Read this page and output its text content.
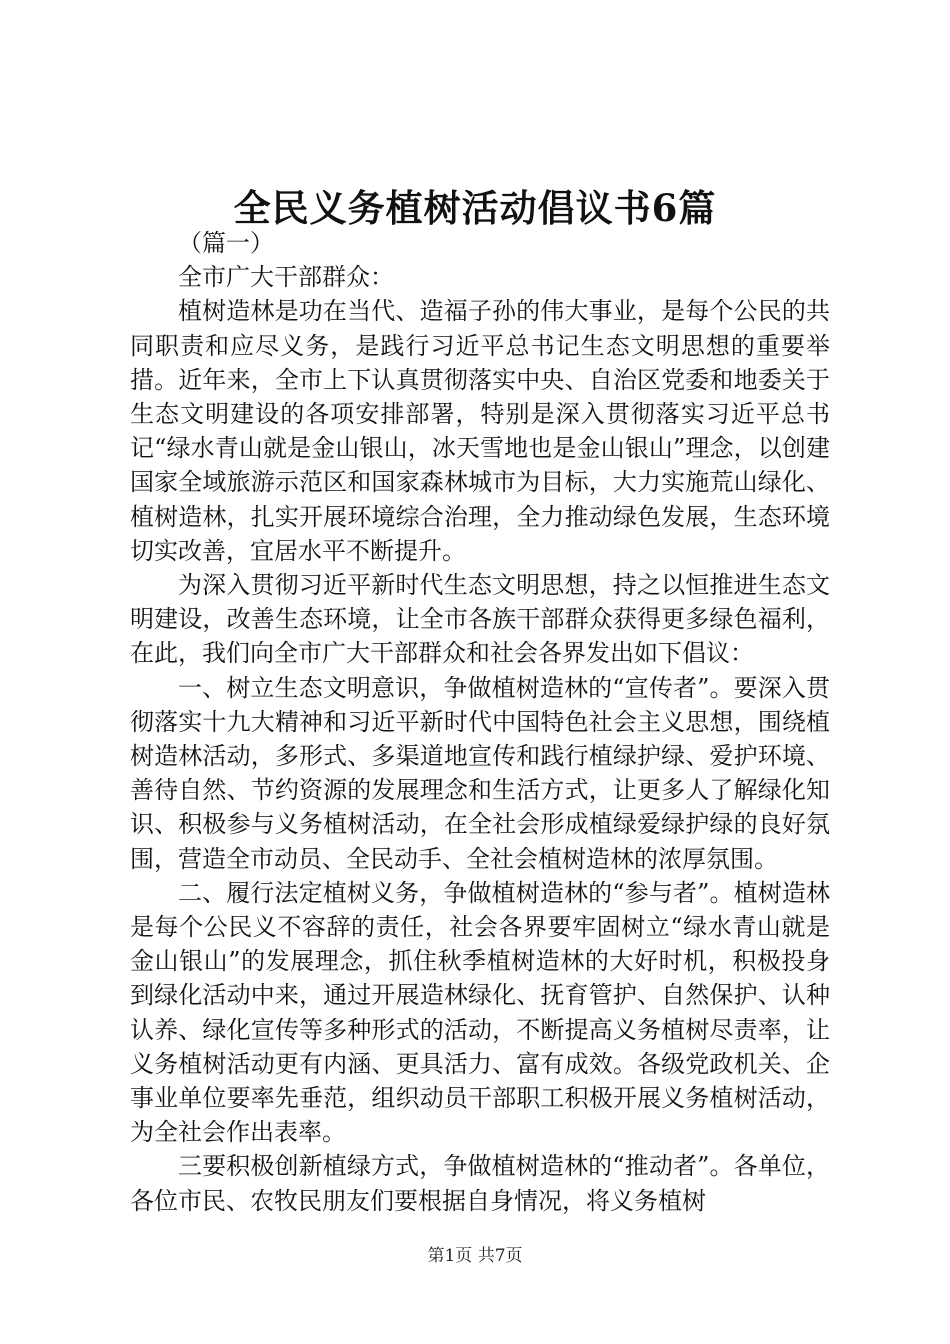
全民义务植树活动倡议书6篇

（篇一）

全市广大干部群众：

植树造林是功在当代、造福子孙的伟大事业，是每个公民的共同职责和应尽义务，是践行习近平总书记生态文明思想的重要举措。近年来，全市上下认真贯彻落实中央、自治区党委和地委关于生态文明建设的各项安排部署，特别是深入贯彻落实习近平总书记“绿水青山就是金山银山，冰天雪地也是金山银山”理念，以创建国家全域旅游示范区和国家森林城市为目标，大力实施荒山绿化、植树造林，扎实开展环境综合治理，全力推动绿色发展，生态环境切实改善，宜居水平不断提升。

为深入贯彻习近平新时代生态文明思想，持之以恒推进生态文明建设，改善生态环境，让全市各族干部群众获得更多绿色福利，在此，我们向全市广大干部群众和社会各界发出如下倡议：

一、树立生态文明意识，争做植树造林的“宣传者”。要深入贯彻落实十九大精神和习近平新时代中国特色社会主义思想，围绕植树造林活动，多形式、多渠道地宣传和践行植绿护绿、爱护环境、善待自然、节约资源的发展理念和生活方式，让更多人了解绿化知识、积极参与义务植树活动，在全社会形成植绿爱绿护绿的良好氛围，营造全市动员、全民动手、全社会植树造林的浓厚氛围。

二、履行法定植树义务，争做植树造林的“参与者”。植树造林是每个公民义不容辞的责任，社会各界要牢固树立“绿水青山就是金山银山”的发展理念，抓住秋季植树造林的大好时机，积极投身到绿化活动中来，通过开展造林绿化、抚育管护、自然保护、认种认养、绿化宣传等多种形式的活动，不断提高义务植树尽责率，让义务植树活动更有内涵、更具活力、富有成效。各级党政机关、企事业单位要率先垂范，组织动员干部职工积极开展义务植树活动，为全社会作出表率。

三要积极创新植绿方式，争做植树造林的“推动者”。各单位，各位市民、农牧民朋友们要根据自身情况，将义务植树

第1页 共7页
